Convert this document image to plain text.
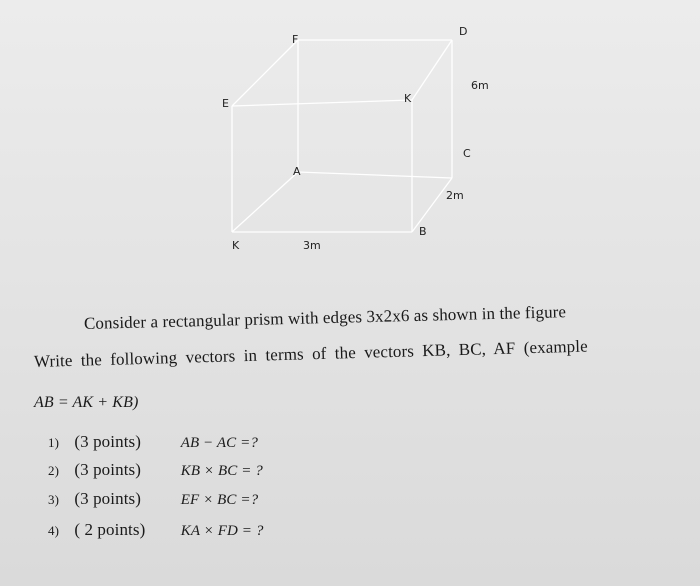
D
F
6m
E	K
C
A
2m
B
K	3m
Consider a rectangular prism with edges 3x2x6 as shown in the figure
Write the following vectors in terms of the vectors KB, BC, AF (example
AB = AK + KB)
1) (3 points)	AB − AC =?
2) (3 points)	KB × BC = ?
3) (3 points)	EF × BC =?
4) ( 2 points) KA × FD = ?
